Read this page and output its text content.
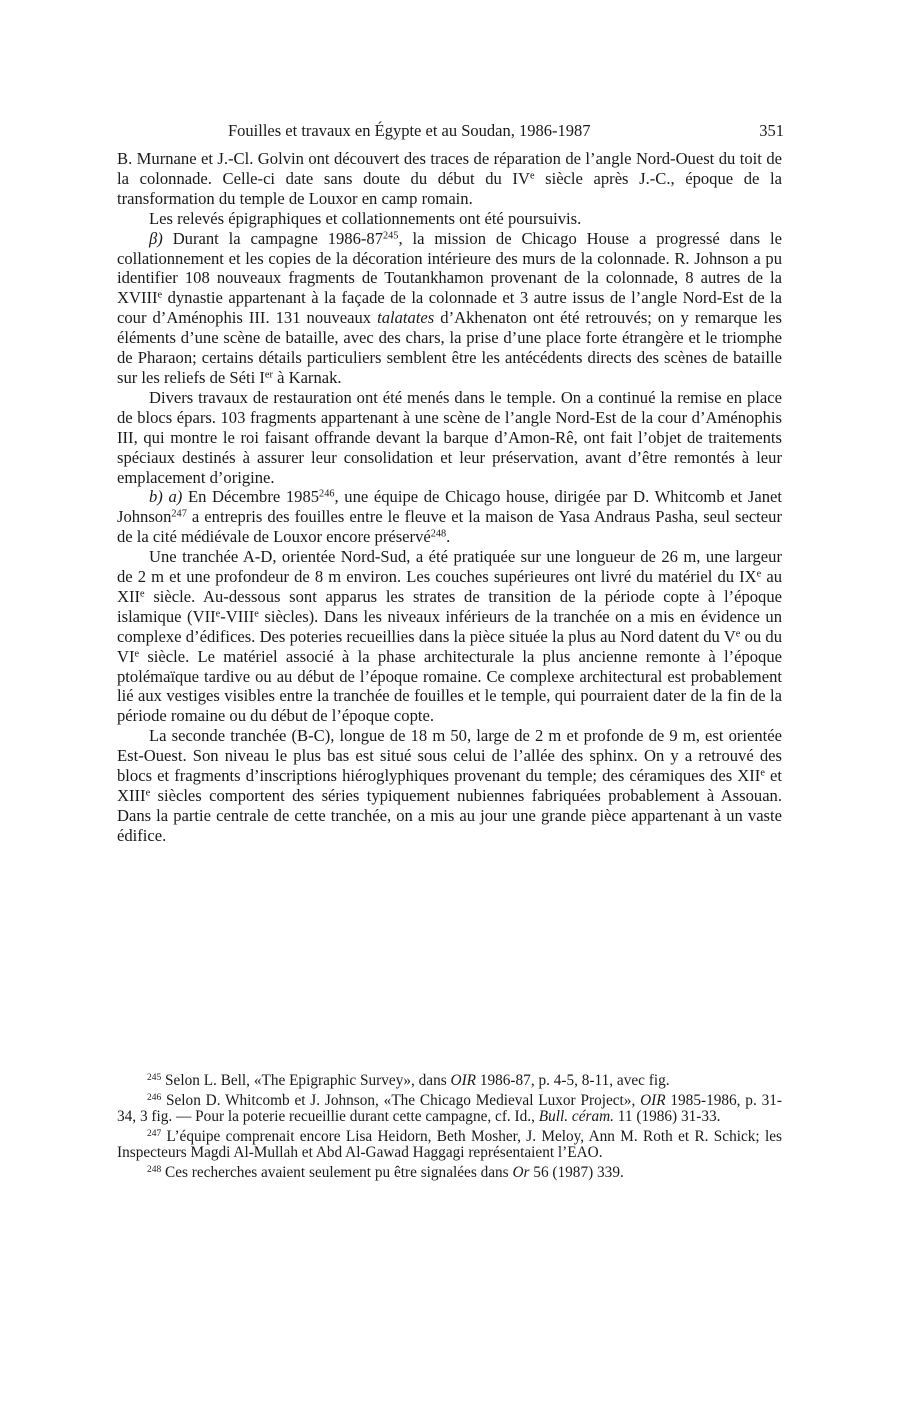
Fouilles et travaux en Égypte et au Soudan, 1986-1987	351

B. Murnane et J.-Cl. Golvin ont découvert des traces de réparation de l’angle Nord-Ouest du toit de la colonnade. Celle-ci date sans doute du début du IVe siècle après J.-C., époque de la transformation du temple de Louxor en camp romain.

Les relevés épigraphiques et collationnements ont été poursuivis.

β) Durant la campagne $1986-87^{245}$, la mission de Chicago House a progressé dans le collationnement et les copies de la décoration intérieure des murs de la colonnade. R. Johnson a pu identifier 108 nouveaux fragments de Toutankhamon provenant de la colonnade, 8 autres de la XVIIIe dynastie appartenant à la façade de la colonnade et 3 autre issus de l’angle Nord-Est de la cour d’Aménophis III. 131 nouveaux talatates d’Akhenaton ont été retrouvés; on y remarque les éléments d’une scène de bataille, avec des chars, la prise d’une place forte étrangère et le triomphe de Pharaon; certains détails particuliers semblent être les antécédents directs des scènes de bataille sur les reliefs de Séti Ier à Karnak.

Divers travaux de restauration ont été menés dans le temple. On a continué la remise en place de blocs épars. 103 fragments appartenant à une scène de l’angle Nord-Est de la cour d’Aménophis III, qui montre le roi faisant offrande devant la barque d’Amon-Rê, ont fait l’objet de traitements spéciaux destinés à assurer leur consolidation et leur préservation, avant d’être remontés à leur emplacement d’origine.

b) a) En Décembre 1985$^{246}$, une équipe de Chicago house, dirigée par D. Whitcomb et Janet Johnson$^{247}$ a entrepris des fouilles entre le fleuve et la maison de Yasa Andraus Pasha, seul secteur de la cité médiévale de Louxor encore préservé$^{248}$.

Une tranchée A-D, orientée Nord-Sud, a été pratiquée sur une longueur de 26 m, une largeur de 2 m et une profondeur de 8 m environ. Les couches supérieures ont livré du matériel du IXe au XIIe siècle. Au-dessous sont apparus les strates de transition de la période copte à l’époque islamique (VIIe-VIIIe siècles). Dans les niveaux inférieurs de la tranchée on a mis en évidence un complexe d’édifices. Des poteries recueillies dans la pièce située la plus au Nord datent du Ve ou du VIe siècle. Le matériel associé à la phase architecturale la plus ancienne remonte à l’époque ptolémaïque tardive ou au début de l’époque romaine. Ce complexe architectural est probablement lié aux vestiges visibles entre la tranchée de fouilles et le temple, qui pourraient dater de la fin de la période romaine ou du début de l’époque copte.

La seconde tranchée (B-C), longue de 18 m 50, large de 2 m et profonde de 9 m, est orientée Est-Ouest. Son niveau le plus bas est situé sous celui de l’allée des sphinx. On y a retrouvé des blocs et fragments d’inscriptions hiéroglyphiques provenant du temple; des céramiques des XIIe et XIIIe siècles comportent des séries typiquement nubiennes fabriquées probablement à Assouan. Dans la partie centrale de cette tranchée, on a mis au jour une grande pièce appartenant à un vaste édifice.

$^{245}$ Selon L. Bell, «The Epigraphic Survey», dans OIR 1986-87, p. 4-5, 8-11, avec fig.

$^{246}$ Selon D. Whitcomb et J. Johnson, «The Chicago Medieval Luxor Project», OIR 1985-1986, p. 31-34, 3 fig. — Pour la poterie recueillie durant cette campagne, cf. Id., Bull. céram. 11 (1986) 31-33.

$^{247}$ L’équipe comprenait encore Lisa Heidorn, Beth Mosher, J. Meloy, Ann M. Roth et R. Schick; les Inspecteurs Magdi Al-Mullah et Abd Al-Gawad Haggagi représentaient l’EAO.

$^{248}$ Ces recherches avaient seulement pu être signalées dans Or 56 (1987) 339.
